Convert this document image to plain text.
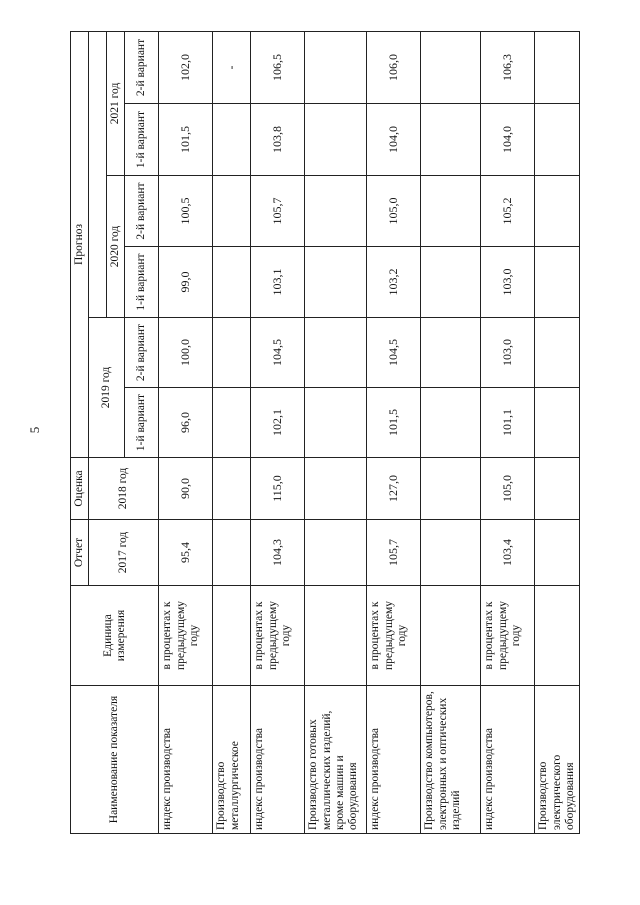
5
Наименование показателя	Единица измерения	Отчет	Оценка	Прогноз					
		2017 год	2018 год	2019 год					
						2020 год		2021 год	
				1-й вариант	2-й вариант	1-й вариант	2-й вариант	1-й вариант	2-й вариант
индекс производства	в процентах к предыдущему году	95,4	90,0	96,0	100,0	99,0	100,5	101,5	102,0
Производство металлургическое									-
индекс производства	в процентах к предыдущему году	104,3	115,0	102,1	104,5	103,1	105,7	103,8	106,5
Производство готовых металлических изделий, кроме машин и оборудования									
индекс производства	в процентах к предыдущему году	105,7	127,0	101,5	104,5	103,2	105,0	104,0	106,0
Производство компьютеров, электронных и оптических изделий									
индекс производства	в процентах к предыдущему году	103,4	105,0	101,1	103,0	103,0	105,2	104,0	106,3
Производство электрического оборудования									
